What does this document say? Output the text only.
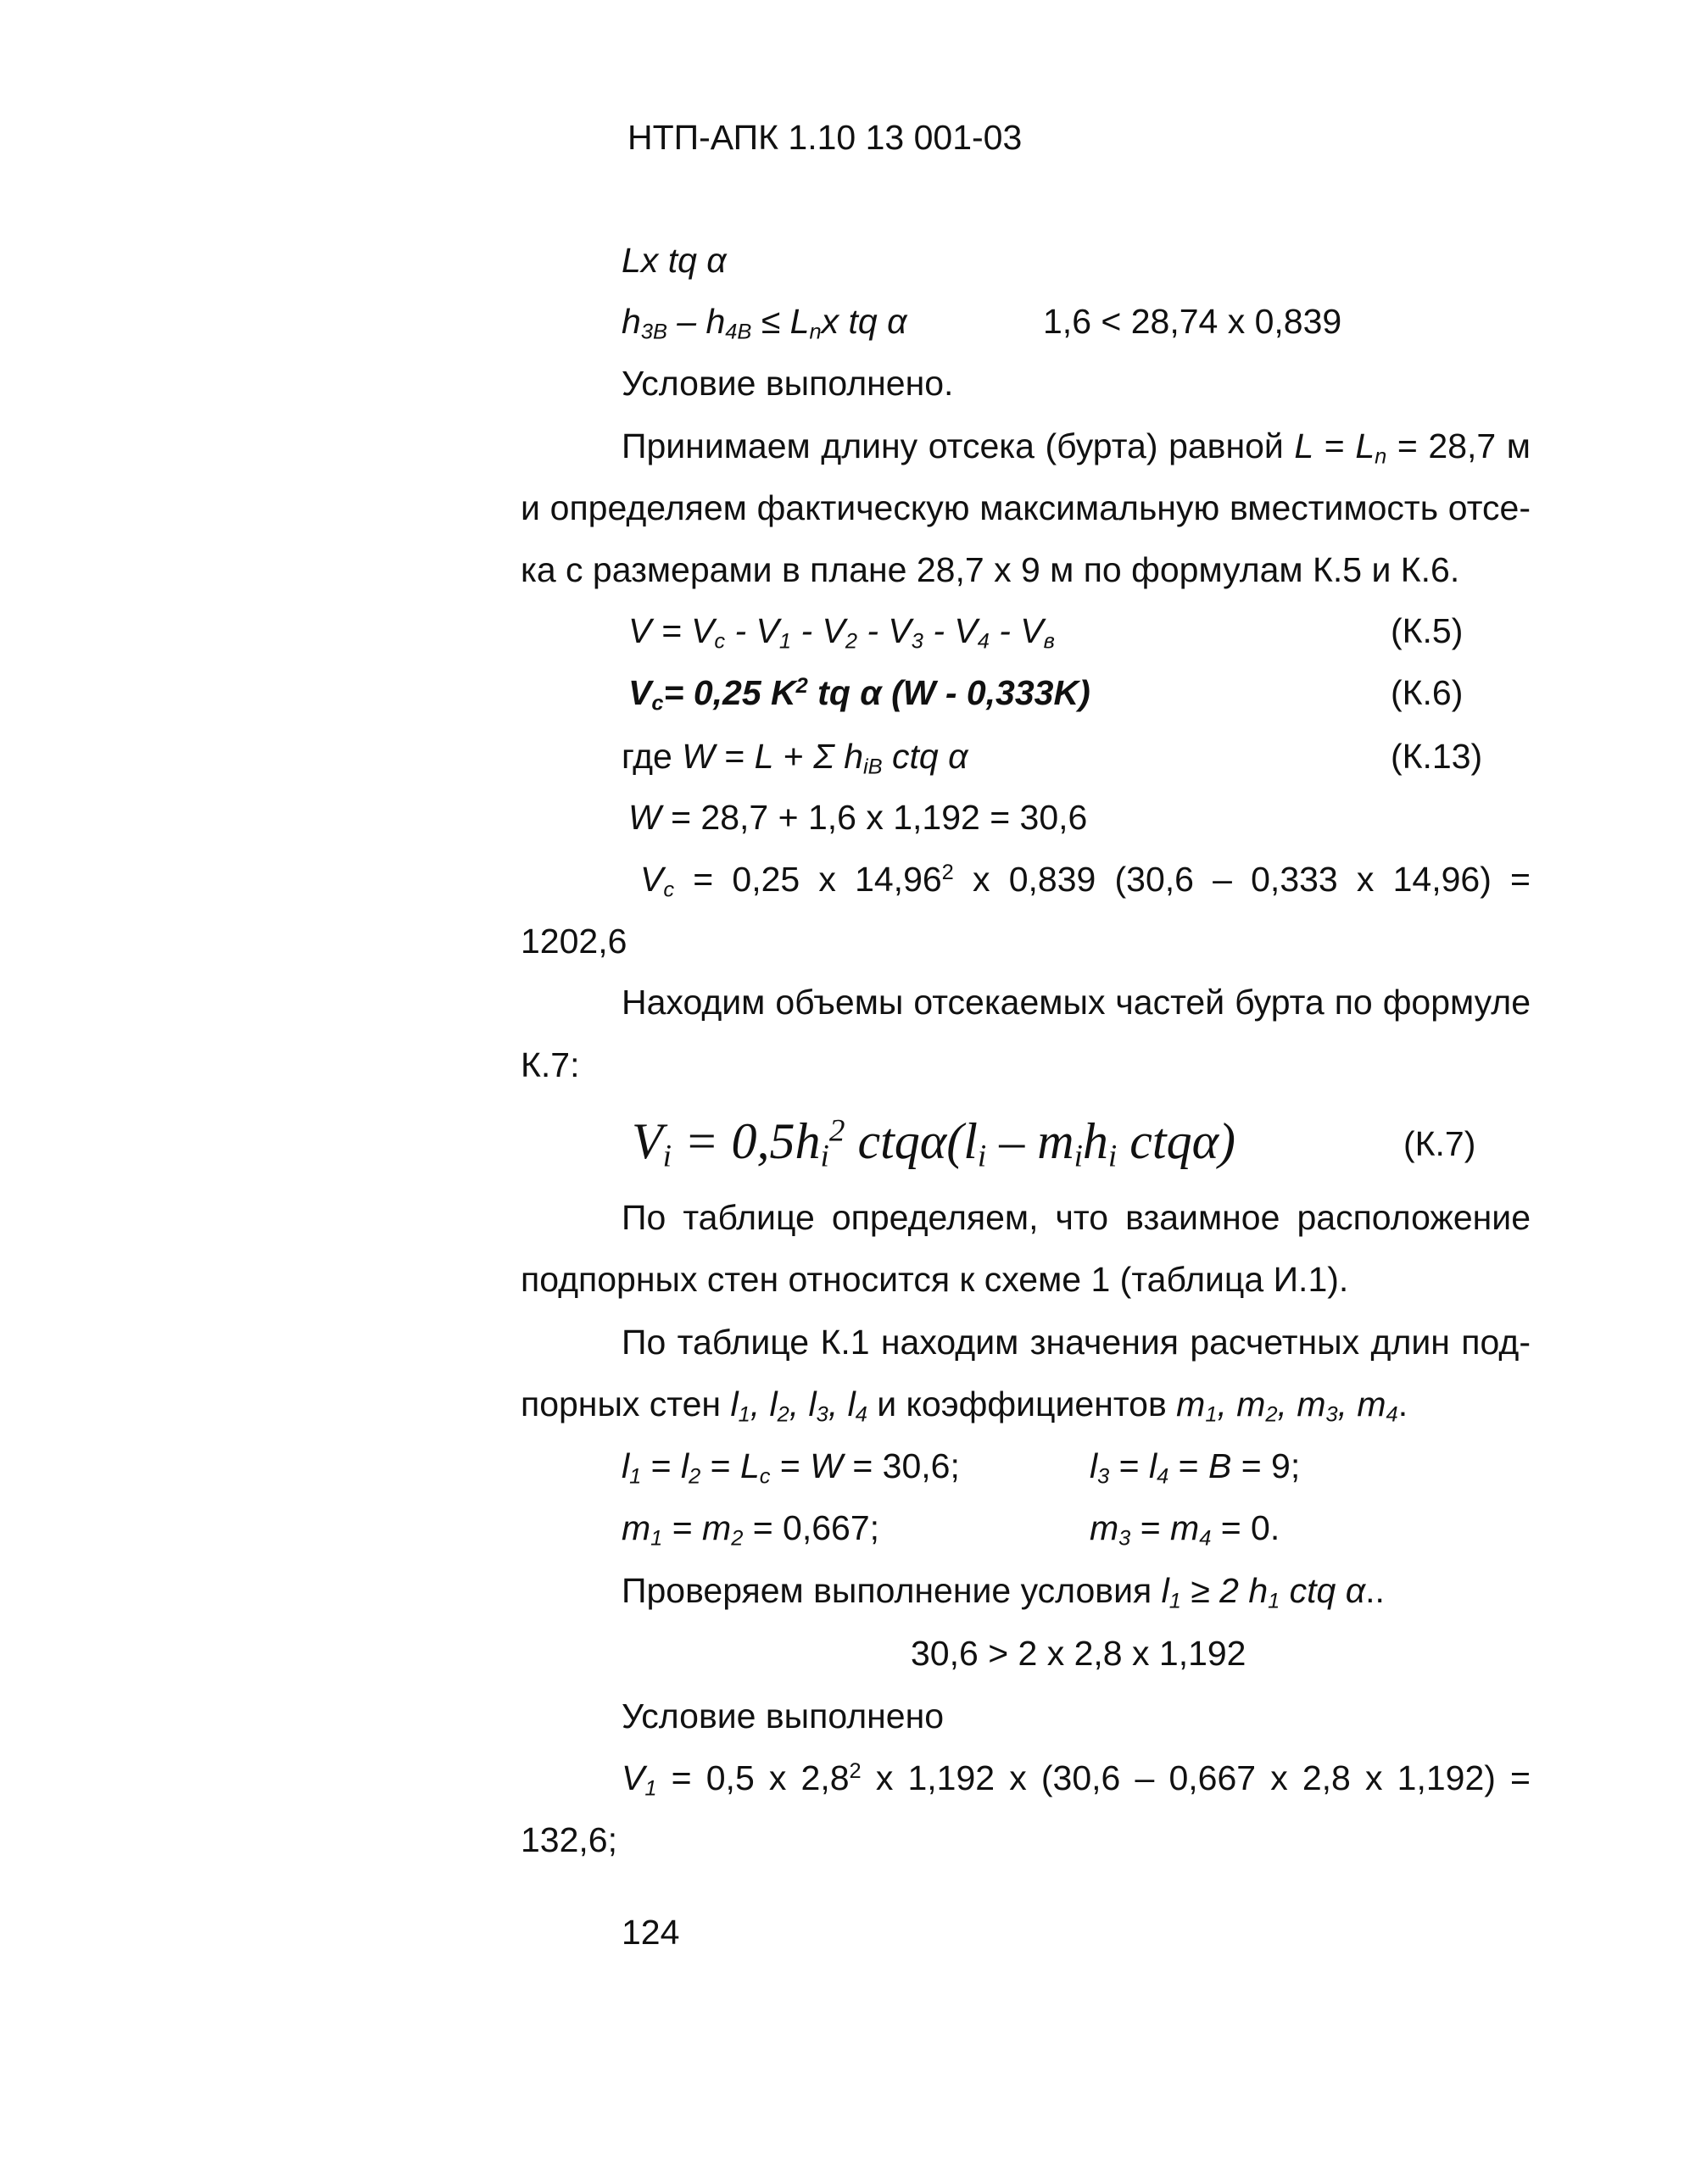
НТП-АПК 1.10 13 001-03
Lx tq α
$h_{3B} - h_{4B} \le L_nx$ tq α	1,6 < 28,74 x 0,839
Условие выполнено.
Принимаем длину отсека (бурта) равной $L = L_n = 28,7$ м
и определяем фактическую максимальную вместимость отсе-
ка с размерами в плане 28,7 x 9 м по формулам К.5 и К.6.
$V = V_c - V_1 - V_2 - V_3 - V_4 - V_в$	(К.5)
$V_c= 0,25$ $K^2$ tq α (W - 0,333K)	(К.6)
где W = L + Σ $h_{iB}$ ctq α	(К.13)
W = 28,7 + 1,6 x 1,192 = 30,6
$V_c = 0,25$ x 14,96$^2$ x 0,839 (30,6 – 0,333 x 14,96) =
1202,6
Находим объемы отсекаемых частей бурта по формуле
К.7:
$V_i = 0,5h_i^2$ $ctq\alpha(l_i - m_ih_i$ ctqα)	(К.7)
По таблице определяем, что взаимное расположение
подпорных стен относится к схеме 1 (таблица И.1).
По таблице К.1 находим значения расчетных длин под-
порных стен $l_1$, $l_2$, $l_3$, $l_4$ и коэффициентов $m_1$, $m_2$, $m_3$, $m_4$.
$l_1 = l_2 = L_c = W = 30,6$;	$l_3 = l_4 = B = 9$;
$m_1 = m_2 = 0,667$;	$m_3 = m_4 = 0$.
Проверяем выполнение условия $l_1 \ge 2$ $h_1$ ctq α..
30,6 > 2 x 2,8 x 1,192
Условие выполнено
$V_1 = 0,5$ x $2,8^2$ x 1,192 x (30,6 – 0,667 x 2,8 x 1,192) =
132,6;
124
